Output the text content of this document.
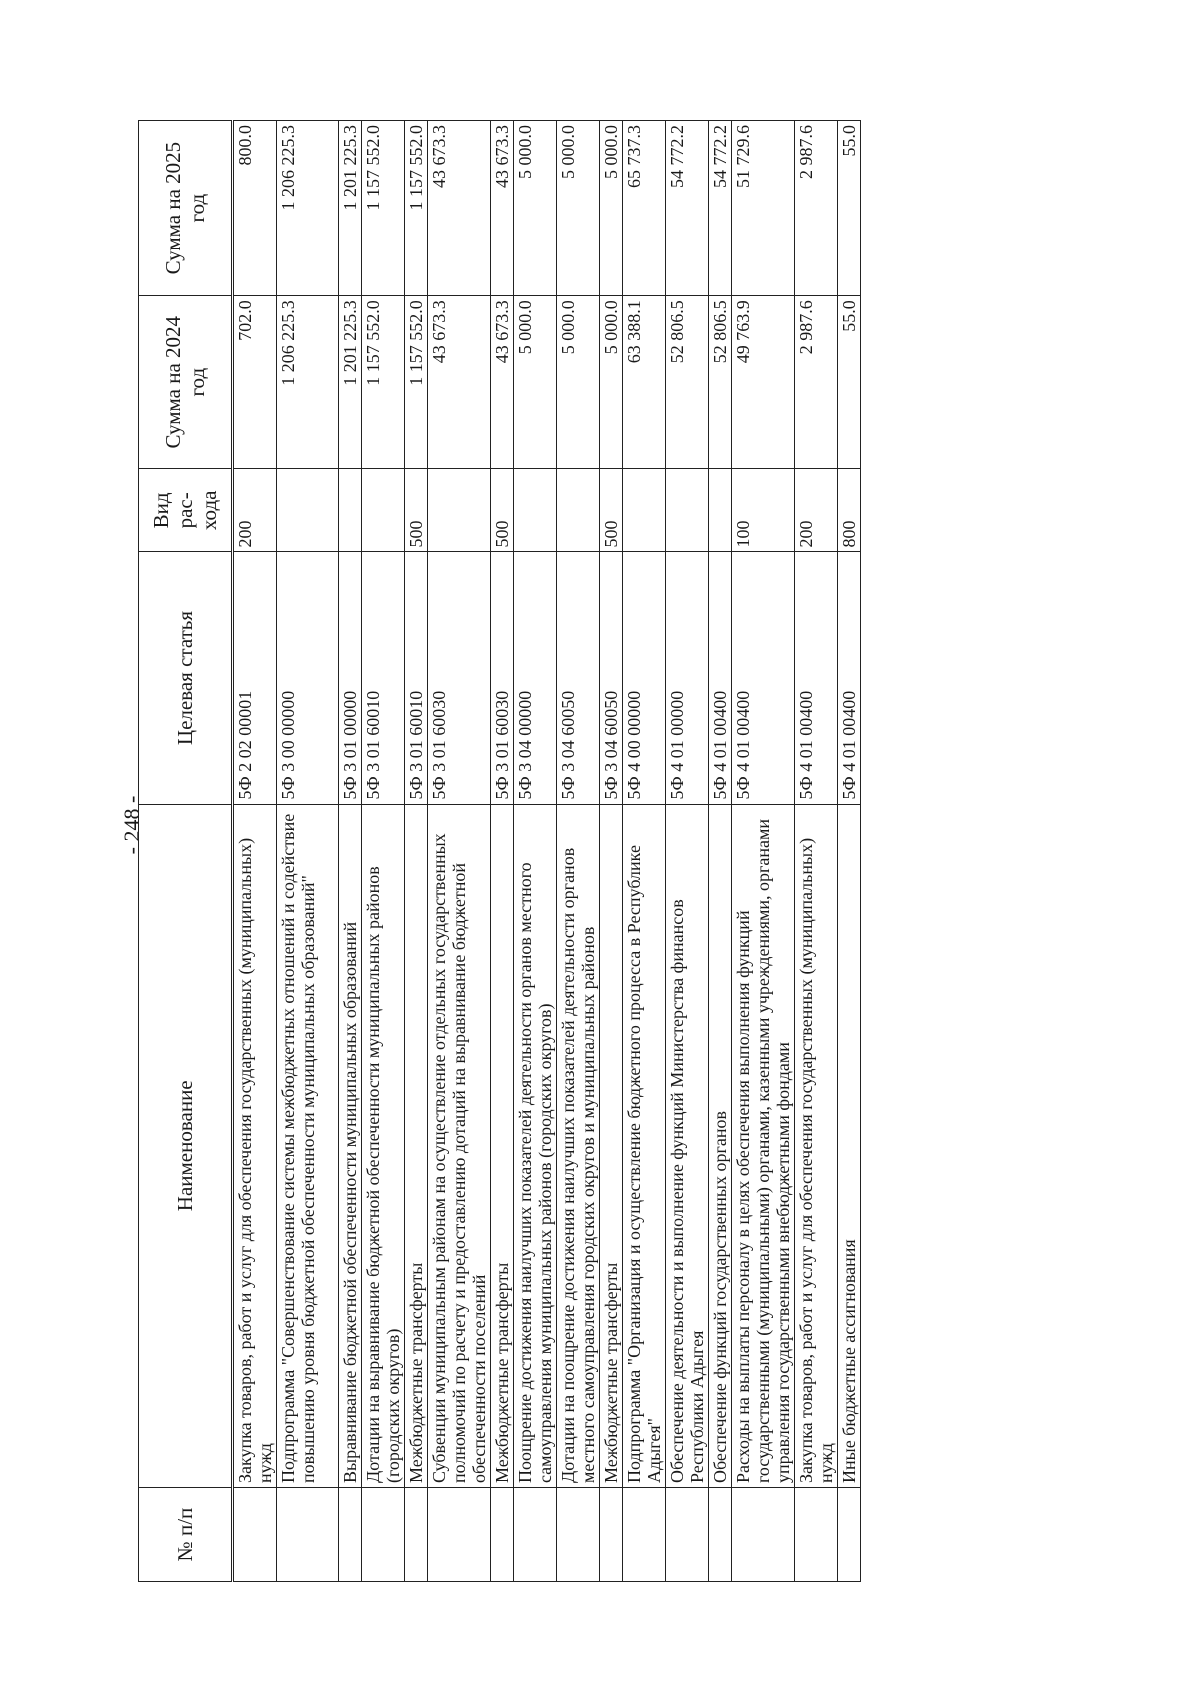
- 248 -
№ п/п	Наименование	Целевая статья	Вид рас- хода	Сумма на 2024 год	Сумма на 2025 год
	Закупка товаров, работ и услуг для обеспечения государственных (муниципальных) нужд	5Ф 2 02 00001	200	702.0	800.0
	Подпрограмма "Совершенствование системы межбюджетных отношений и содействие повышению уровня бюджетной обеспеченности муниципальных образований"	5Ф 3 00 00000		1 206 225.3	1 206 225.3
	Выравнивание бюджетной обеспеченности муниципальных образований	5Ф 3 01 00000		1 201 225.3	1 201 225.3
	Дотации на выравнивание бюджетной обеспеченности муниципальных районов (городских округов)	5Ф 3 01 60010		1 157 552.0	1 157 552.0
	Межбюджетные трансферты	5Ф 3 01 60010	500	1 157 552.0	1 157 552.0
	Субвенции муниципальным районам на осуществление отдельных государственных полномочий по расчету и предоставлению дотаций на выравнивание бюджетной обеспеченности поселений	5Ф 3 01 60030		43 673.3	43 673.3
	Межбюджетные трансферты	5Ф 3 01 60030	500	43 673.3	43 673.3
	Поощрение достижения наилучших показателей деятельности органов местного самоуправления муниципальных районов (городских округов)	5Ф 3 04 00000		5 000.0	5 000.0
	Дотации на поощрение достижения наилучших показателей деятельности органов местного самоуправления городских округов и муниципальных районов	5Ф 3 04 60050		5 000.0	5 000.0
	Межбюджетные трансферты	5Ф 3 04 60050	500	5 000.0	5 000.0
	Подпрограмма "Организация и осуществление бюджетного процесса в Республике Адыгея"	5Ф 4 00 00000		63 388.1	65 737.3
	Обеспечение деятельности и выполнение функций Министерства финансов Республики Адыгея	5Ф 4 01 00000		52 806.5	54 772.2
	Обеспечение функций государственных органов	5Ф 4 01 00400		52 806.5	54 772.2
	Расходы на выплаты персоналу в целях обеспечения выполнения функций государственными (муниципальными) органами, казенными учреждениями, органами управления государственными внебюджетными фондами	5Ф 4 01 00400	100	49 763.9	51 729.6
	Закупка товаров, работ и услуг для обеспечения государственных (муниципальных) нужд	5Ф 4 01 00400	200	2 987.6	2 987.6
	Иные бюджетные ассигнования	5Ф 4 01 00400	800	55.0	55.0
